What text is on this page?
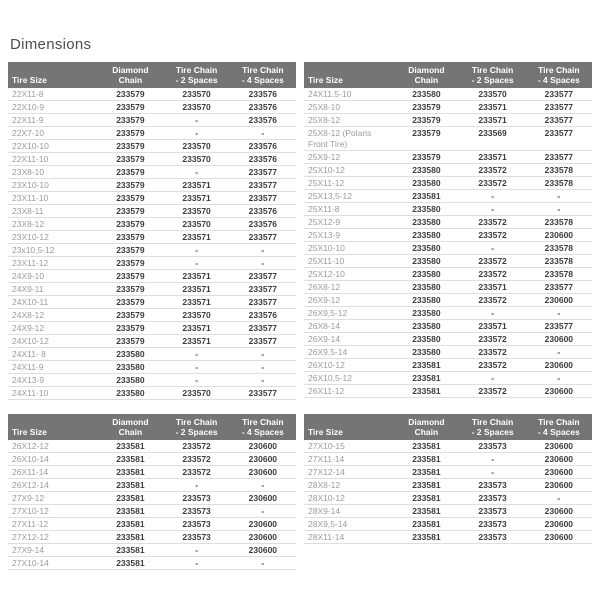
Dimensions
Tire Size
Diamond
Chain
Tire Chain
- 2 Spaces
Tire Chain
- 4 Spaces
22X11-8	233579	233570	233576
22X10-9	233579	233570	233576
22X11-9	233579	-	233576
22X7-10	233579	-	-
22X10-10	233579	233570	233576
22X11-10	233579	233570	233576
23X8-10	233579	-	233577
23X10-10	233579	233571	233577
23X11-10	233579	233571	233577
23X8-11	233579	233570	233576
23X8-12	233579	233570	233576
23X10-12	233579	233571	233577
23x10,5-12	233579	-	-
23X11-12	233579	-	-
24X9-10	233579	233571	233577
24X9-11	233579	233571	233577
24X10-11	233579	233571	233577
24X8-12	233579	233570	233576
24X9-12	233579	233571	233577
24X10-12	233579	233571	233577
24X11- 8	233580	-	-
24X11-9	233580	-	-
24X13-9	233580	-	-
24X11-10	233580	233570	233577
Tire Size
Diamond
Chain
Tire Chain
- 2 Spaces
Tire Chain
- 4 Spaces
24X11.5-10	233580	233570	233577
25X8-10	233579	233571	233577
25X8-12	233579	233571	233577
25X8-12 (Polaris Front Tire)
233579	233569	233577
25X9-12	233579	233571	233577
25X10-12	233580	233572	233578
25X11-12	233580	233572	233578
25X13,5-12	233581	-	-
25X11-8	233580	-	-
25X12-9	233580	233572	233578
25X13-9	233580	233572	230600
25X10-10	233580	-	233578
25X11-10	233580	233572	233578
25X12-10	233580	233572	233578
26X8-12	233580	233571	233577
26X9-12	233580	233572	230600
26X9,5-12	233580	-	-
26X8-14	233580	233571	233577
26X9-14	233580	233572	230600
26X9,5-14	233580	233572	-
26X10-12	233581	233572	230600
26X10,5-12	233581	-	-
26X11-12	233581	233572	230600
Tire Size
Diamond
Chain
Tire Chain
- 2 Spaces
Tire Chain
- 4 Spaces
26X12-12	233581	233572	230600
26X10-14	233581	233572	230600
26X11-14	233581	233572	230600
26X12-14	233581	-	-
27X9-12	233581	233573	230600
27X10-12	233581	233573	-
27X11-12	233581	233573	230600
27X12-12	233581	233573	230600
27X9-14	233581	-	230600
27X10-14	233581	-	-
Tire Size
Diamond
Chain
Tire Chain
- 2 Spaces
Tire Chain
- 4 Spaces
27X10-15	233581	233573	230600
27X11-14	233581	-	230600
27X12-14	233581	-	230600
28X8-12	233581	233573	230600
28X10-12	233581	233573	-
28X9-14	233581	233573	230600
28X9,5-14	233581	233573	230600
28X11-14	233581	233573	230600
